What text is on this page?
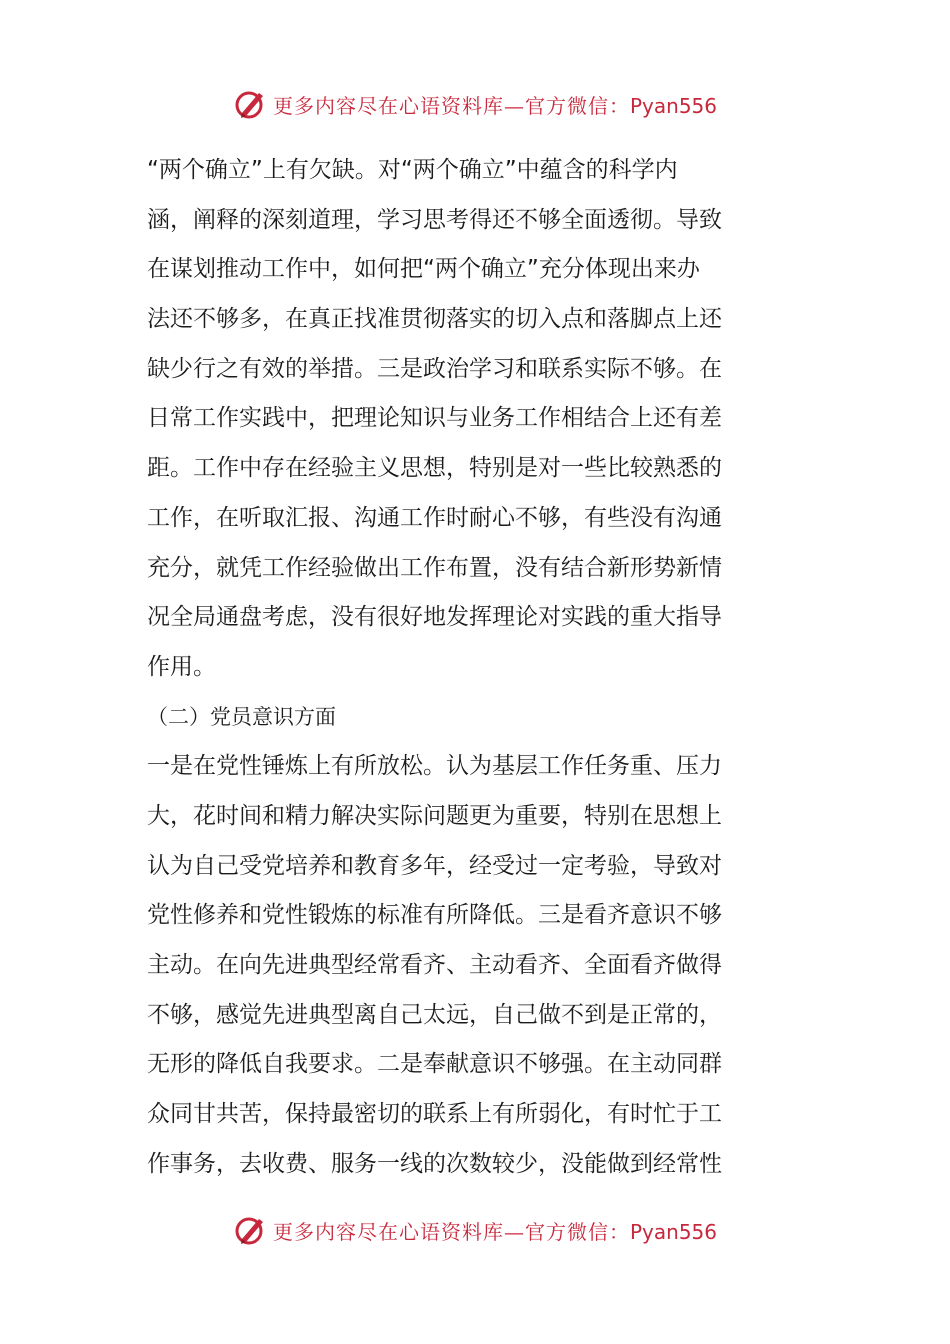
更多内容尽在心语资料库—官方微信：Pyan556
“两个确立”上有欠缺。对“两个确立”中蕴含的科学内
涵，阐释的深刻道理，学习思考得还不够全面透彻。导致
在谋划推动工作中，如何把“两个确立”充分体现出来办
法还不够多，在真正找准贯彻落实的切入点和落脚点上还
缺少行之有效的举措。三是政治学习和联系实际不够。在
日常工作实践中，把理论知识与业务工作相结合上还有差
距。工作中存在经验主义思想，特别是对一些比较熟悉的
工作，在听取汇报、沟通工作时耐心不够，有些没有沟通
充分，就凭工作经验做出工作布置，没有结合新形势新情
况全局通盘考虑，没有很好地发挥理论对实践的重大指导
作用。
（二）党员意识方面
一是在党性锤炼上有所放松。认为基层工作任务重、压力
大，花时间和精力解决实际问题更为重要，特别在思想上
认为自己受党培养和教育多年，经受过一定考验，导致对
党性修养和党性锻炼的标准有所降低。三是看齐意识不够
主动。在向先进典型经常看齐、主动看齐、全面看齐做得
不够，感觉先进典型离自己太远，自己做不到是正常的，
无形的降低自我要求。二是奉献意识不够强。在主动同群
众同甘共苦，保持最密切的联系上有所弱化，有时忙于工
作事务，去收费、服务一线的次数较少，没能做到经常性
更多内容尽在心语资料库—官方微信：Pyan556
